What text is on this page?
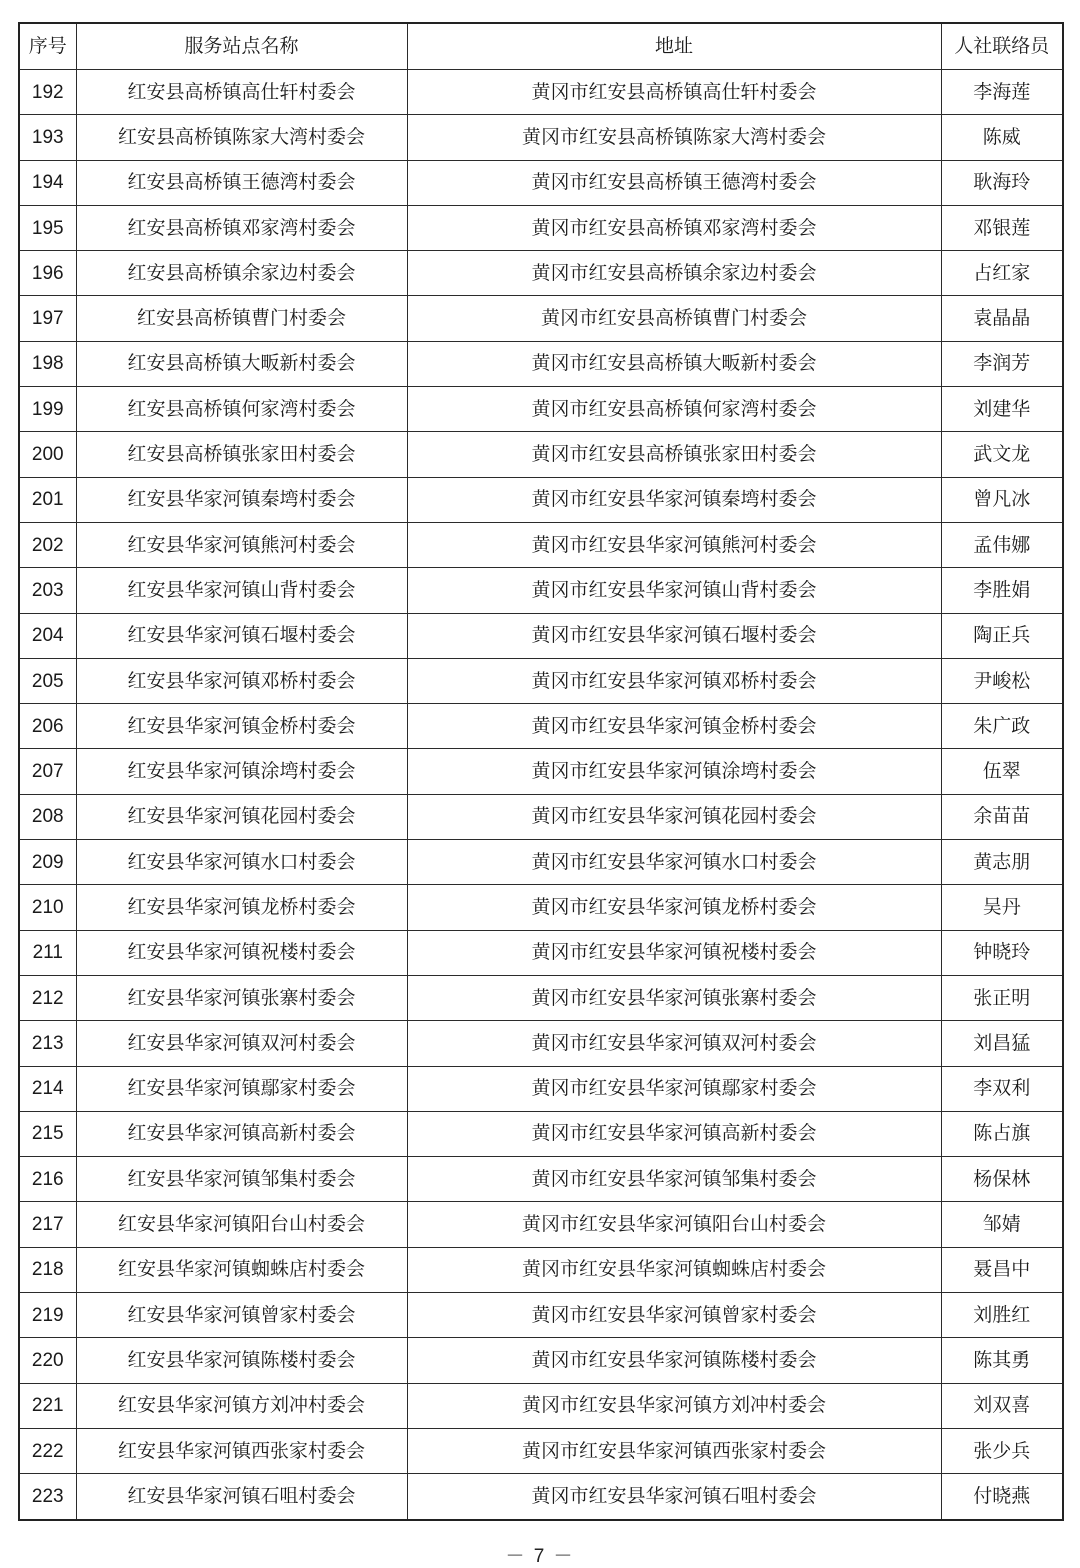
序号	服务站点名称	地址	人社联络员
192	红安县高桥镇高仕轩村委会	黄冈市红安县高桥镇高仕轩村委会	李海莲
193	红安县高桥镇陈家大湾村委会	黄冈市红安县高桥镇陈家大湾村委会	陈威
194	红安县高桥镇王德湾村委会	黄冈市红安县高桥镇王德湾村委会	耿海玲
195	红安县高桥镇邓家湾村委会	黄冈市红安县高桥镇邓家湾村委会	邓银莲
196	红安县高桥镇余家边村委会	黄冈市红安县高桥镇余家边村委会	占红家
197	红安县高桥镇曹门村委会	黄冈市红安县高桥镇曹门村委会	袁晶晶
198	红安县高桥镇大畈新村委会	黄冈市红安县高桥镇大畈新村委会	李润芳
199	红安县高桥镇何家湾村委会	黄冈市红安县高桥镇何家湾村委会	刘建华
200	红安县高桥镇张家田村委会	黄冈市红安县高桥镇张家田村委会	武文龙
201	红安县华家河镇秦塆村委会	黄冈市红安县华家河镇秦塆村委会	曾凡冰
202	红安县华家河镇熊河村委会	黄冈市红安县华家河镇熊河村委会	孟伟娜
203	红安县华家河镇山背村委会	黄冈市红安县华家河镇山背村委会	李胜娟
204	红安县华家河镇石堰村委会	黄冈市红安县华家河镇石堰村委会	陶正兵
205	红安县华家河镇邓桥村委会	黄冈市红安县华家河镇邓桥村委会	尹峻松
206	红安县华家河镇金桥村委会	黄冈市红安县华家河镇金桥村委会	朱广政
207	红安县华家河镇涂塆村委会	黄冈市红安县华家河镇涂塆村委会	伍翠
208	红安县华家河镇花园村委会	黄冈市红安县华家河镇花园村委会	余苗苗
209	红安县华家河镇水口村委会	黄冈市红安县华家河镇水口村委会	黄志朋
210	红安县华家河镇龙桥村委会	黄冈市红安县华家河镇龙桥村委会	吴丹
211	红安县华家河镇祝楼村委会	黄冈市红安县华家河镇祝楼村委会	钟晓玲
212	红安县华家河镇张寨村委会	黄冈市红安县华家河镇张寨村委会	张正明
213	红安县华家河镇双河村委会	黄冈市红安县华家河镇双河村委会	刘昌猛
214	红安县华家河镇鄢家村委会	黄冈市红安县华家河镇鄢家村委会	李双利
215	红安县华家河镇高新村委会	黄冈市红安县华家河镇高新村委会	陈占旗
216	红安县华家河镇邹集村委会	黄冈市红安县华家河镇邹集村委会	杨保林
217	红安县华家河镇阳台山村委会	黄冈市红安县华家河镇阳台山村委会	邹婧
218	红安县华家河镇蜘蛛店村委会	黄冈市红安县华家河镇蜘蛛店村委会	聂昌中
219	红安县华家河镇曾家村委会	黄冈市红安县华家河镇曾家村委会	刘胜红
220	红安县华家河镇陈楼村委会	黄冈市红安县华家河镇陈楼村委会	陈其勇
221	红安县华家河镇方刘冲村委会	黄冈市红安县华家河镇方刘冲村委会	刘双喜
222	红安县华家河镇西张家村委会	黄冈市红安县华家河镇西张家村委会	张少兵
223	红安县华家河镇石咀村委会	黄冈市红安县华家河镇石咀村委会	付晓燕
－ 7 －
